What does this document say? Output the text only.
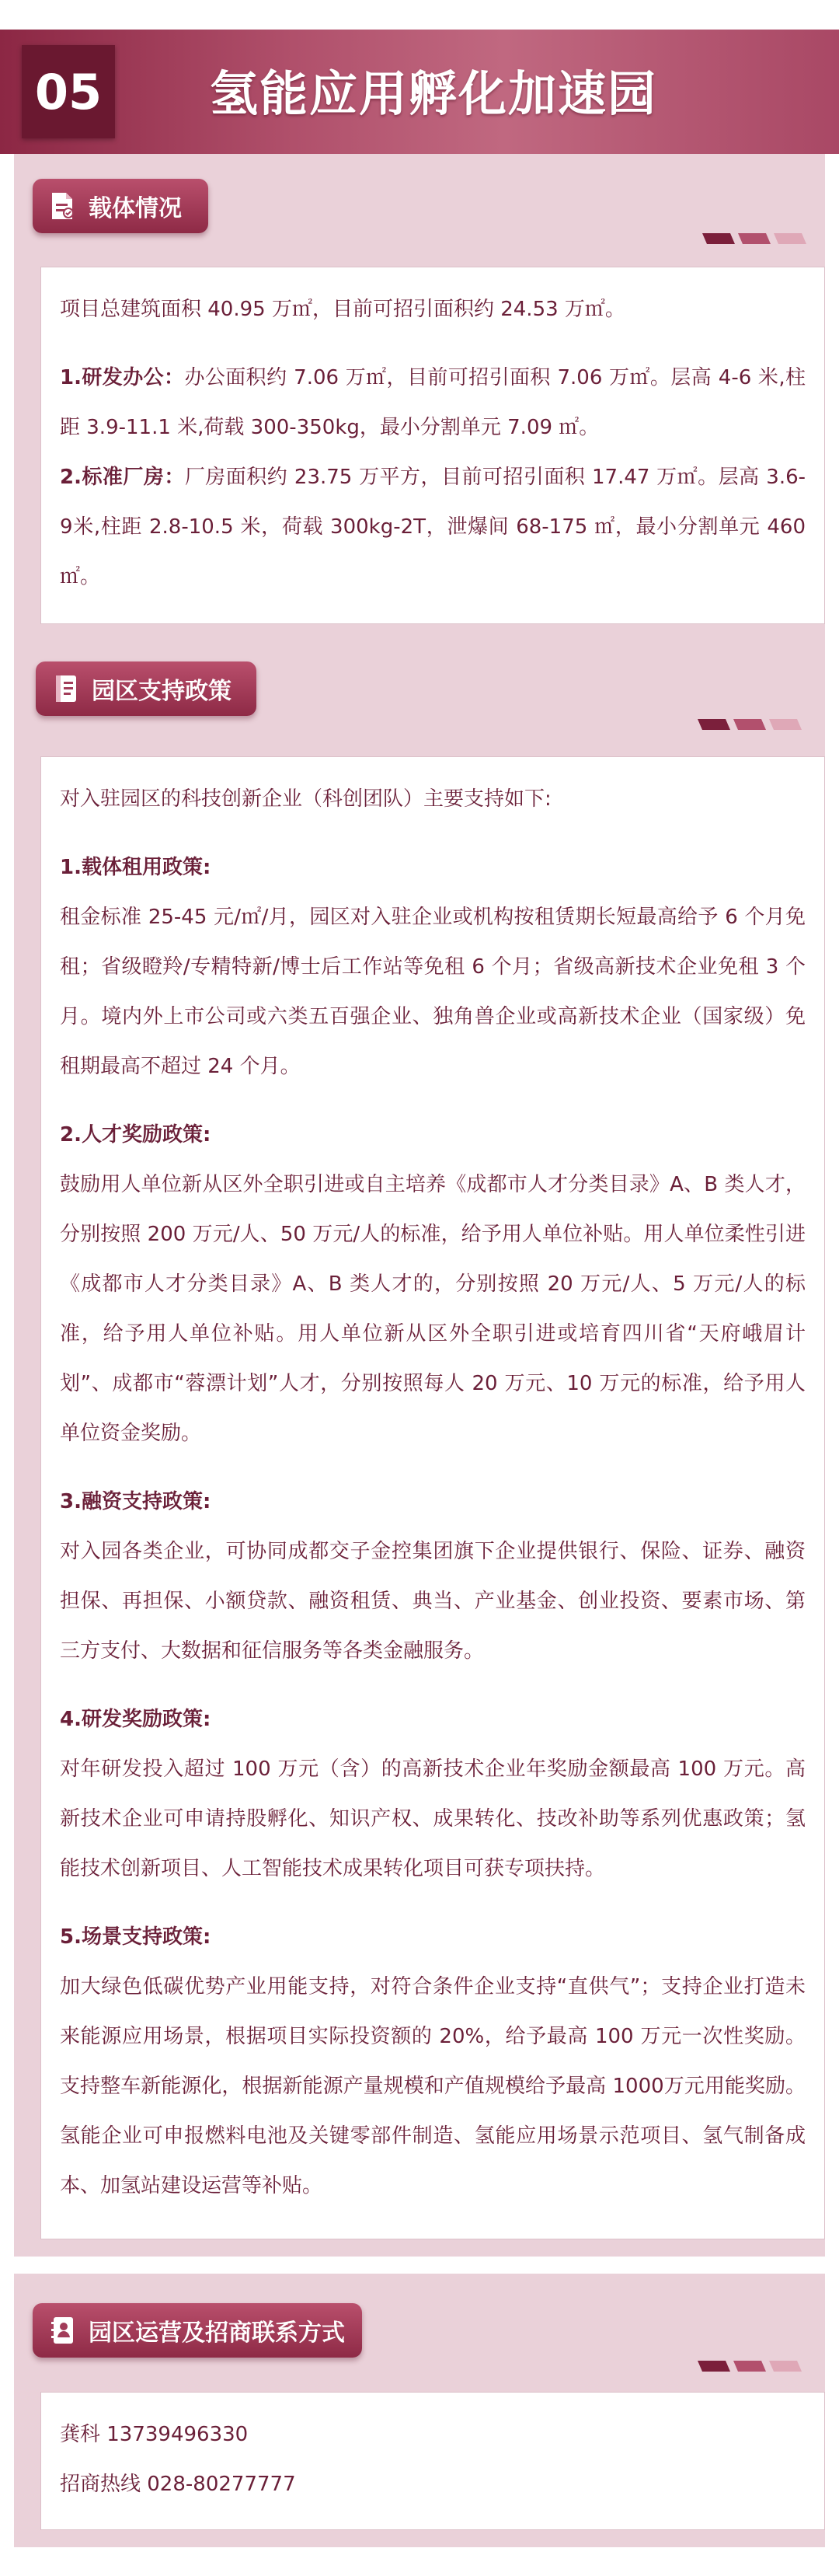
05 氢能应用孵化加速园
载体情况

项目总建筑面积 40.95 万㎡，目前可招引面积约 24.53 万㎡。

1.研发办公：办公面积约 7.06 万㎡，目前可招引面积 7.06 万㎡。层高 4-6 米,柱距 3.9-11.1 米,荷载 300-350kg，最小分割单元 7.09 ㎡。

2.标准厂房：厂房面积约 23.75 万平方，目前可招引面积 17.47 万㎡。层高 3.6-9米,柱距 2.8-10.5 米，荷载 300kg-2T，泄爆间 68-175 ㎡，最小分割单元 460㎡。

园区支持政策

对入驻园区的科技创新企业（科创团队）主要支持如下:

1.载体租用政策:

租金标准 25-45 元/㎡/月，园区对入驻企业或机构按租赁期长短最高给予 6 个月免租；省级瞪羚/专精特新/博士后工作站等免租 6 个月；省级高新技术企业免租 3 个月。境内外上市公司或六类五百强企业、独角兽企业或高新技术企业（国家级）免租期最高不超过 24 个月。

2.人才奖励政策:

鼓励用人单位新从区外全职引进或自主培养《成都市人才分类目录》A、B 类人才，分别按照 200 万元/人、50 万元/人的标准，给予用人单位补贴。用人单位柔性引进《成都市人才分类目录》A、B 类人才的，分别按照 20 万元/人、5 万元/人的标准，给予用人单位补贴。用人单位新从区外全职引进或培育四川省“天府峨眉计划”、成都市“蓉漂计划”人才，分别按照每人 20 万元、10 万元的标准，给予用人单位资金奖励。

3.融资支持政策:

对入园各类企业，可协同成都交子金控集团旗下企业提供银行、保险、证券、融资担保、再担保、小额贷款、融资租赁、典当、产业基金、创业投资、要素市场、第三方支付、大数据和征信服务等各类金融服务。

4.研发奖励政策:

对年研发投入超过 100 万元（含）的高新技术企业年奖励金额最高 100 万元。高新技术企业可申请持股孵化、知识产权、成果转化、技改补助等系列优惠政策；氢能技术创新项目、人工智能技术成果转化项目可获专项扶持。

5.场景支持政策:

加大绿色低碳优势产业用能支持，对符合条件企业支持“直供气”；支持企业打造未来能源应用场景，根据项目实际投资额的 20%，给予最高 100 万元一次性奖励。支持整车新能源化，根据新能源产量规模和产值规模给予最高 1000万元用能奖励。氢能企业可申报燃料电池及关键零部件制造、氢能应用场景示范项目、氢气制备成本、加氢站建设运营等补贴。

园区运营及招商联系方式

龚科 13739496330

招商热线 028-80277777
